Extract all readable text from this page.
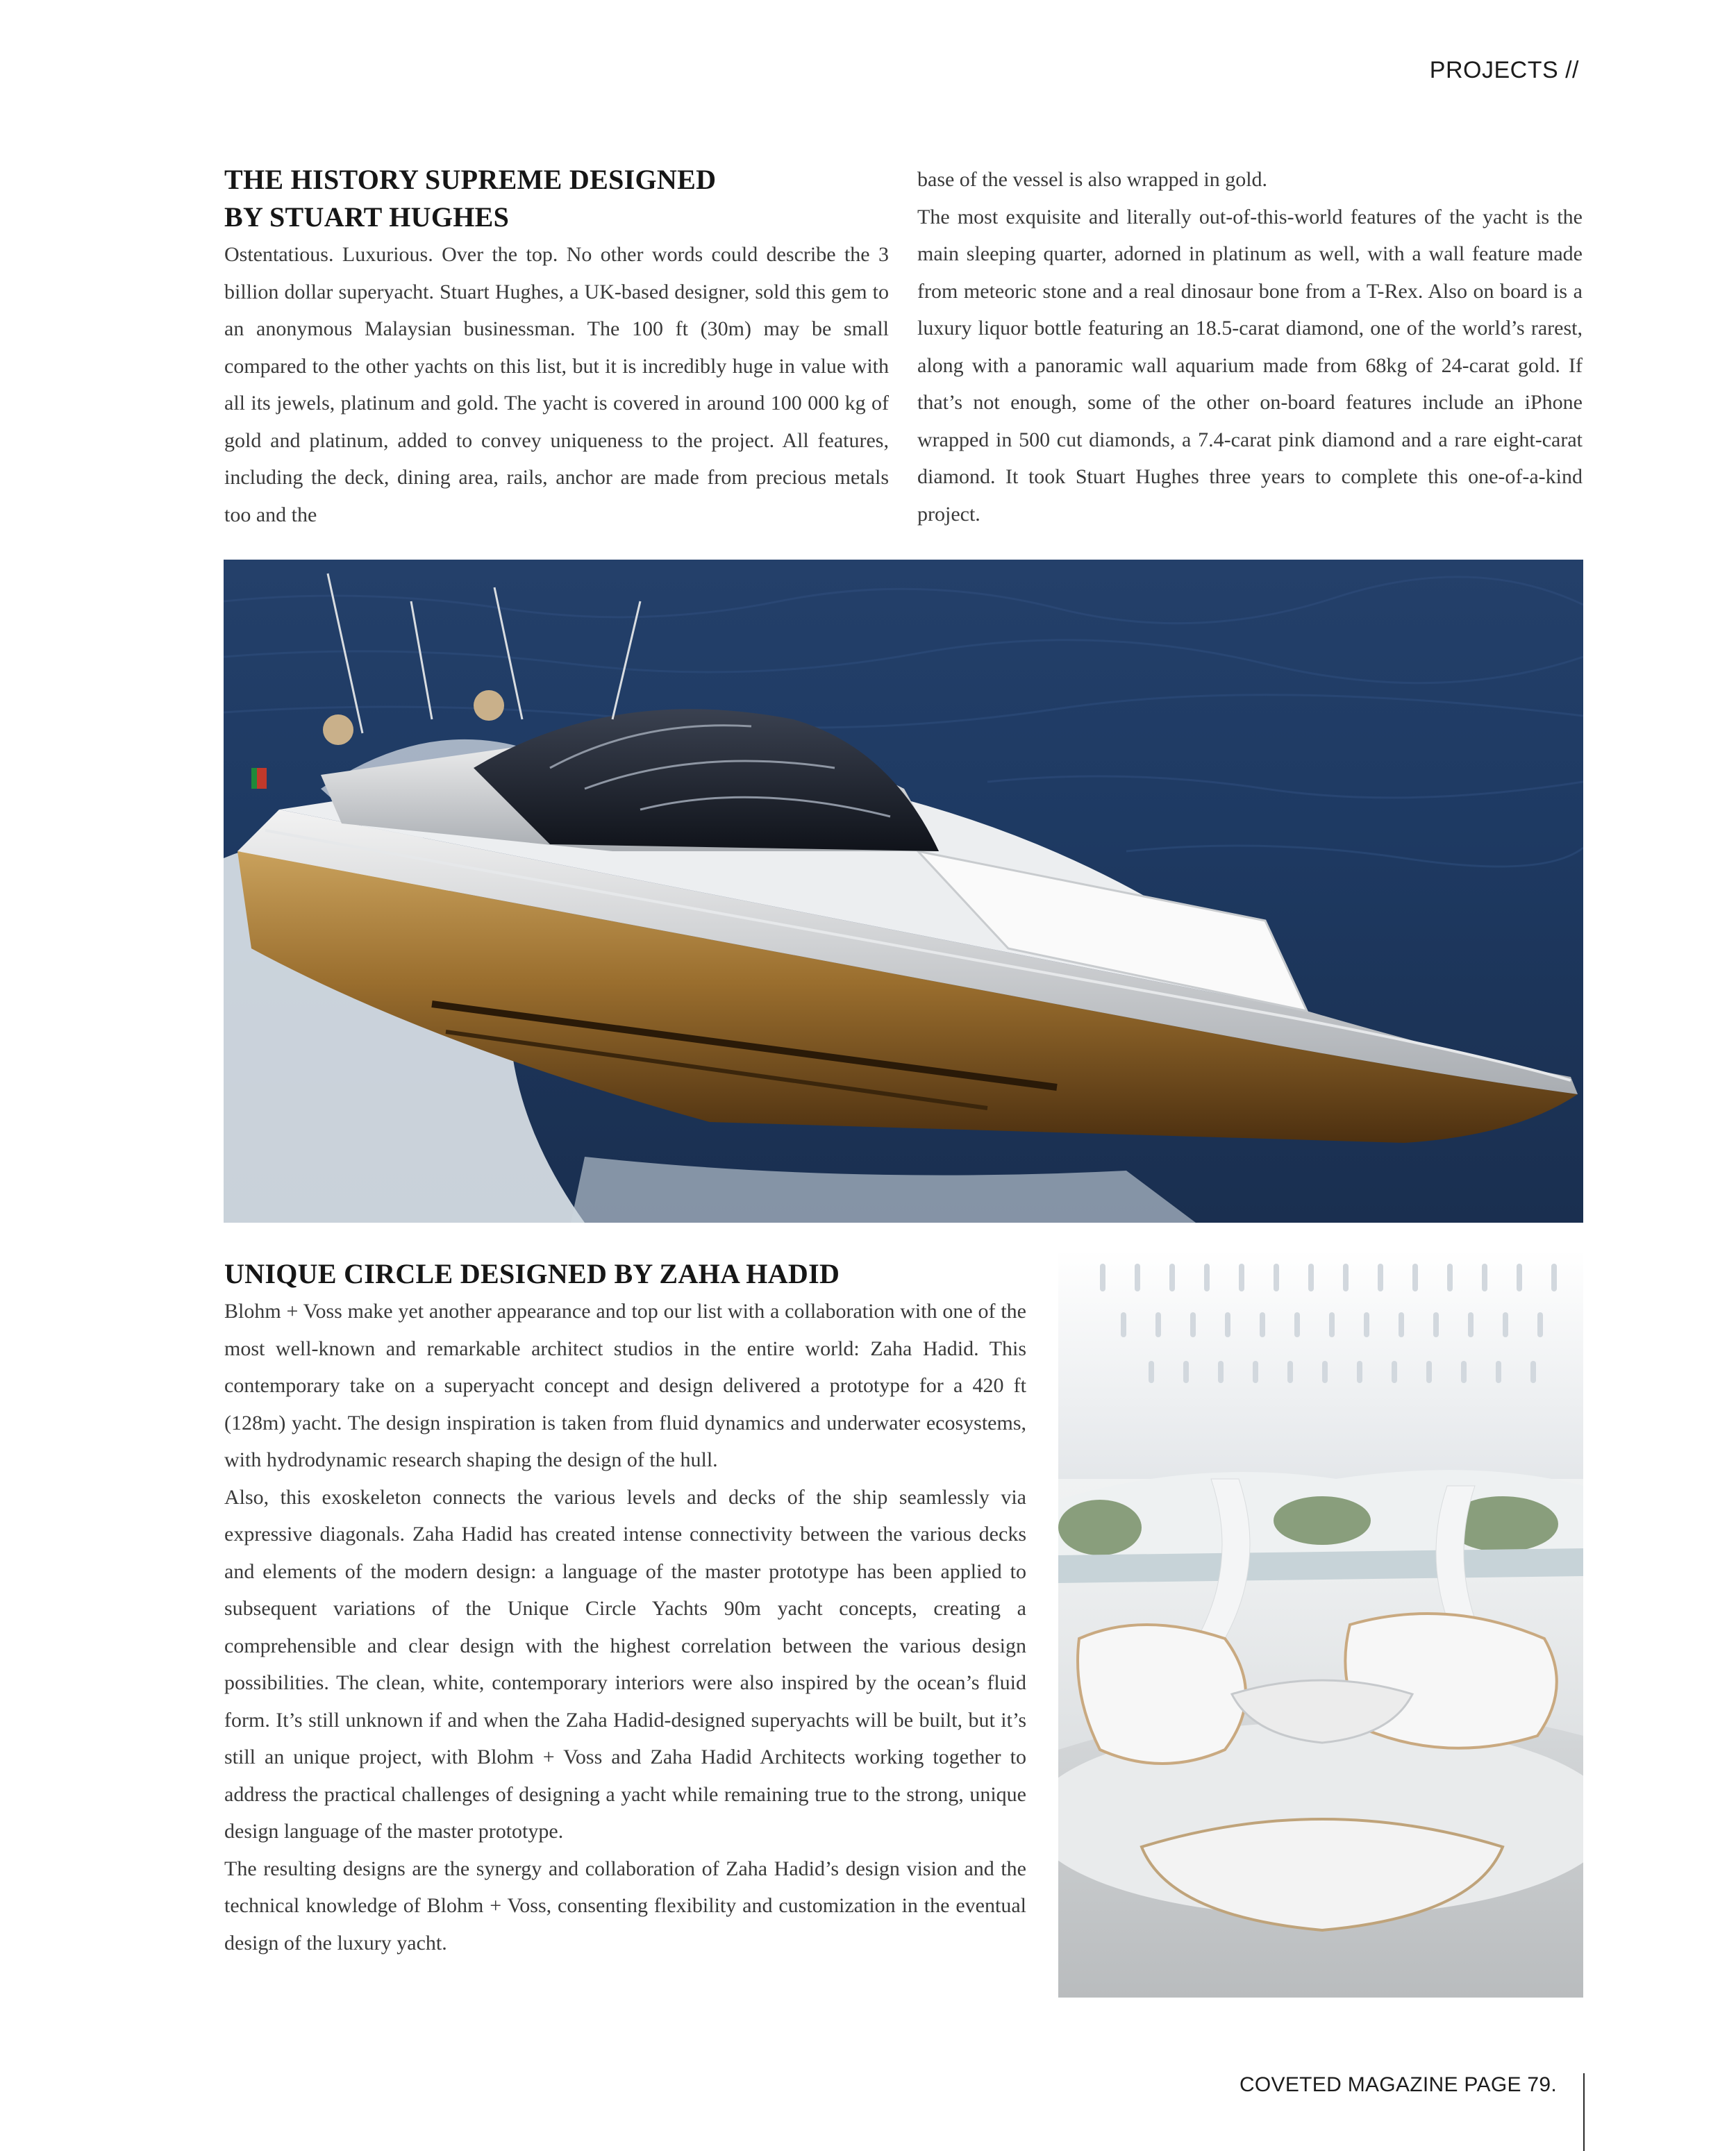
PROJECTS //
THE HISTORY SUPREME DESIGNED
BY STUART HUGHES

Ostentatious. Luxurious. Over the top. No other words could describe the 3 billion dollar superyacht. Stuart Hughes, a UK-based designer, sold this gem to an anonymous Malaysian businessman. The 100 ft (30m) may be small compared to the other yachts on this list, but it is incredibly huge in value with all its jewels, platinum and gold. The yacht is covered in around 100 000 kg of gold and platinum, added to convey uniqueness to the project. All features, including the deck, dining area, rails, anchor are made from precious metals too and the

base of the vessel is also wrapped in gold.

The most exquisite and literally out-of-this-world features of the yacht is the main sleeping quarter, adorned in platinum as well, with a wall feature made from meteoric stone and a real dinosaur bone from a T-Rex. Also on board is a luxury liquor bottle featuring an 18.5-carat diamond, one of the world’s rarest, along with a panoramic wall aquarium made from 68kg of 24-carat gold. If that’s not enough, some of the other on-board features include an iPhone wrapped in 500 cut diamonds, a 7.4-carat pink diamond and a rare eight-carat diamond. It took Stuart Hughes three years to complete this one-of-a-kind project.

UNIQUE CIRCLE DESIGNED BY ZAHA HADID

Blohm + Voss make yet another appearance and top our list with a collaboration with one of the most well-known and remarkable architect studios in the entire world: Zaha Hadid. This contemporary take on a superyacht concept and design delivered a prototype for a 420 ft (128m) yacht. The design inspiration is taken from fluid dynamics and underwater ecosystems, with hydrodynamic research shaping the design of the hull.

Also, this exoskeleton connects the various levels and decks of the ship seamlessly via expressive diagonals. Zaha Hadid has created intense connectivity between the various decks and elements of the modern design: a language of the master prototype has been applied to subsequent variations of the Unique Circle Yachts 90m yacht concepts, creating a comprehensible and clear design with the highest correlation between the various design possibilities. The clean, white, contemporary interiors were also inspired by the ocean’s fluid form. It’s still unknown if and when the Zaha Hadid-designed superyachts will be built, but it’s still an unique project, with Blohm + Voss and Zaha Hadid Architects working together to address the practical challenges of designing a yacht while remaining true to the strong, unique design language of the master prototype.

The resulting designs are the synergy and collaboration of Zaha Hadid’s design vision and the technical knowledge of Blohm + Voss, consenting flexibility and customization in the eventual design of the luxury yacht.

COVETED MAGAZINE PAGE 79.
